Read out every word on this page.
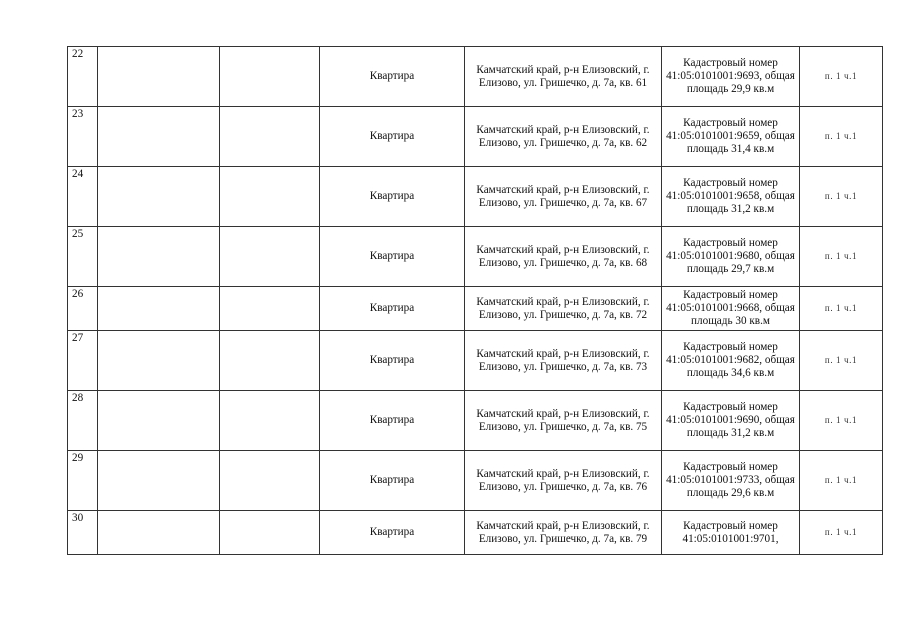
22			Квартира	Камчатский край, р-н Елизовский, г. Елизово, ул. Гришечко, д. 7а, кв. 61	Кадастровый номер 41:05:0101001:9693, общая площадь 29,9 кв.м	п. 1 ч.1
23			Квартира	Камчатский край, р-н Елизовский, г. Елизово, ул. Гришечко, д. 7а, кв. 62	Кадастровый номер 41:05:0101001:9659, общая площадь 31,4 кв.м	п. 1 ч.1
24			Квартира	Камчатский край, р-н Елизовский, г. Елизово, ул. Гришечко, д. 7а, кв. 67	Кадастровый номер 41:05:0101001:9658, общая площадь 31,2 кв.м	п. 1 ч.1
25			Квартира	Камчатский край, р-н Елизовский, г. Елизово, ул. Гришечко, д. 7а, кв. 68	Кадастровый номер 41:05:0101001:9680, общая площадь 29,7 кв.м	п. 1 ч.1
26			Квартира	Камчатский край, р-н Елизовский, г. Елизово, ул. Гришечко, д. 7а, кв. 72	Кадастровый номер 41:05:0101001:9668, общая площадь 30 кв.м	п. 1 ч.1
27			Квартира	Камчатский край, р-н Елизовский, г. Елизово, ул. Гришечко, д. 7а, кв. 73	Кадастровый номер 41:05:0101001:9682, общая площадь 34,6 кв.м	п. 1 ч.1
28			Квартира	Камчатский край, р-н Елизовский, г. Елизово, ул. Гришечко, д. 7а, кв. 75	Кадастровый номер 41:05:0101001:9690, общая площадь 31,2 кв.м	п. 1 ч.1
29			Квартира	Камчатский край, р-н Елизовский, г. Елизово, ул. Гришечко, д. 7а, кв. 76	Кадастровый номер 41:05:0101001:9733, общая площадь 29,6 кв.м	п. 1 ч.1
30			Квартира	Камчатский край, р-н Елизовский, г. Елизово, ул. Гришечко, д. 7а, кв. 79	Кадастровый номер 41:05:0101001:9701,	п. 1 ч.1
